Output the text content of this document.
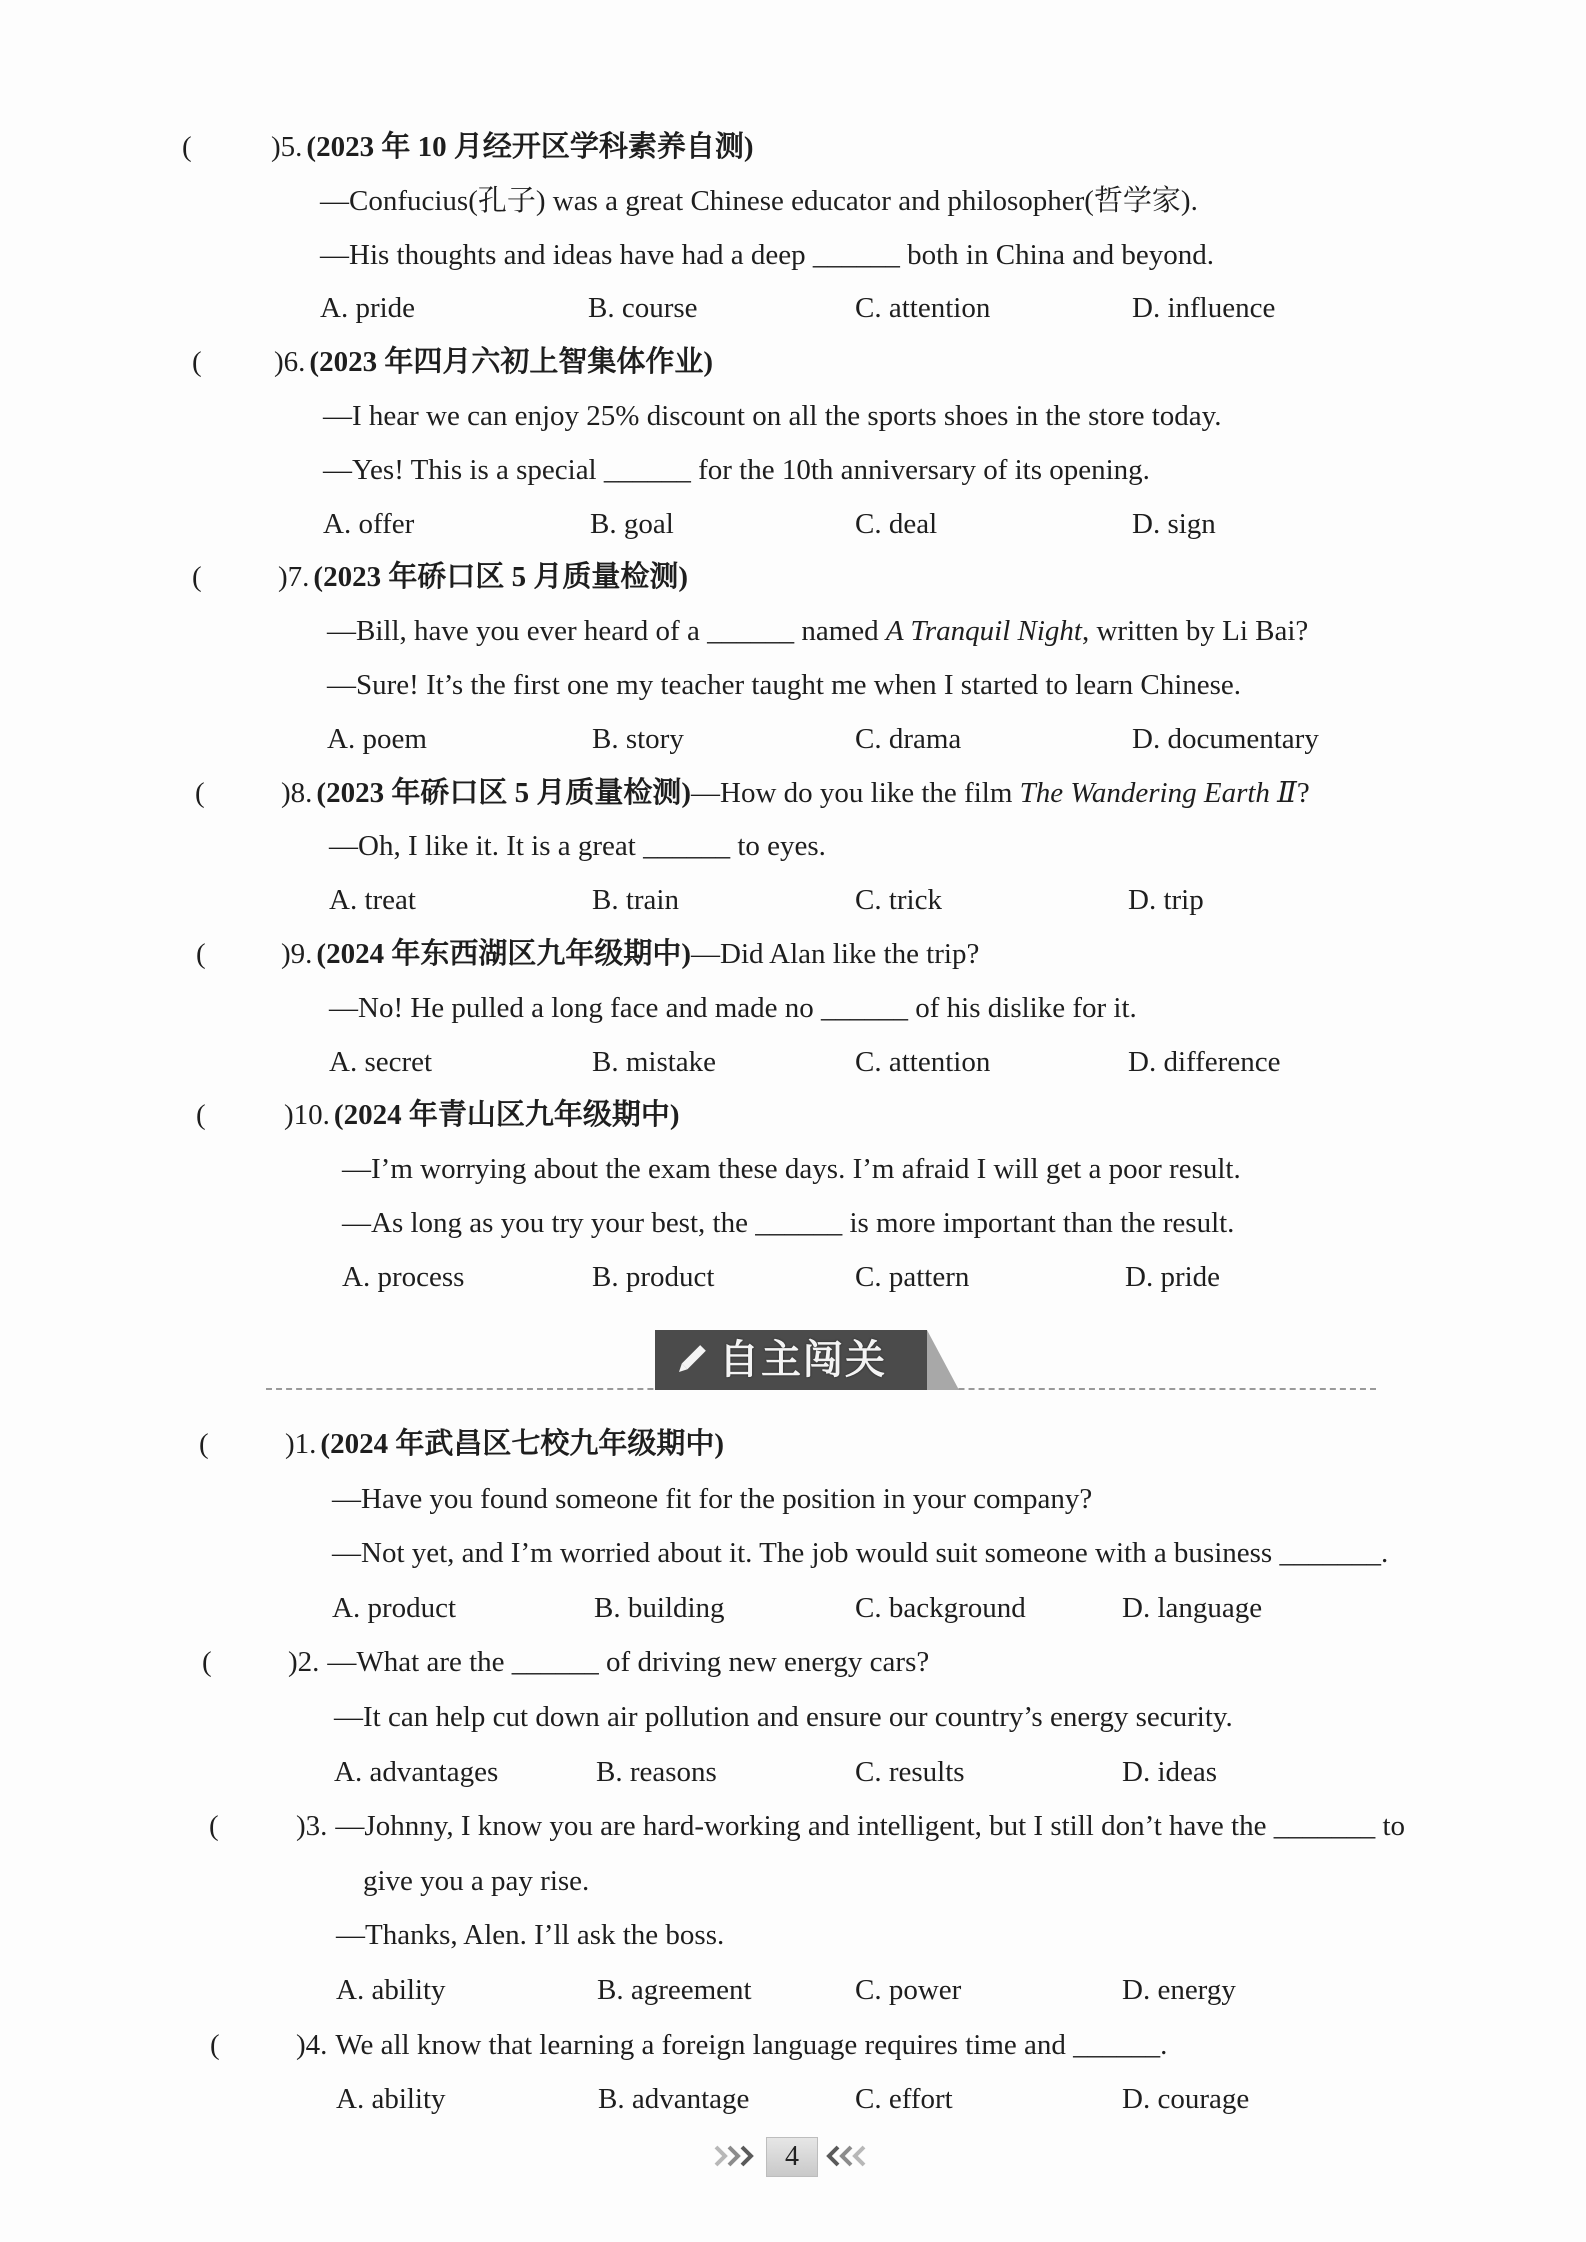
(	)5. (2023 年 10 月经开区学科素养自测)
—Confucius(孔子) was a great Chinese educator and philosopher(哲学家).
—His thoughts and ideas have had a deep ______ both in China and beyond.
A. pride	B. course	C. attention	D. influence
( )6. (2023 年四月六初上智集体作业)
—I hear we can enjoy 25% discount on all the sports shoes in the store today.
—Yes! This is a special ______ for the 10th anniversary of its opening.
A. offer	B. goal	C. deal	D. sign
(	)7. (2023 年硚口区 5 月质量检测)
—Bill, have you ever heard of a ______ named A Tranquil Night, written by Li Bai?
—Sure! It’s the first one my teacher taught me when I started to learn Chinese.
A. poem	B. story	C. drama	D. documentary
(	)8. (2023 年硚口区 5 月质量检测)—How do you like the film The Wandering Earth Ⅱ?
—Oh, I like it. It is a great ______ to eyes.
A. treat	B. train	C. trick	D. trip
(	)9. (2024 年东西湖区九年级期中)—Did Alan like the trip?
—No! He pulled a long face and made no ______ of his dislike for it.
A. secret	B. mistake	C. attention	D. difference
(	)10. (2024 年青山区九年级期中)
—I’m worrying about the exam these days. I’m afraid I will get a poor result.
—As long as you try your best, the ______ is more important than the result.
A. process	B. product	C. pattern	D. pride
自主闯关
(	)1. (2024 年武昌区七校九年级期中)
—Have you found someone fit for the position in your company?
—Not yet, and I’m worried about it. The job would suit someone with a business _______.
A. product	B. building	C. background	D. language
(	)2. —What are the ______ of driving new energy cars?
—It can help cut down air pollution and ensure our country’s energy security.
A. advantages	B. reasons	C. results	D. ideas
(	)3. —Johnny, I know you are hard-working and intelligent, but I still don’t have the _______ to
give you a pay rise.
—Thanks, Alen. I’ll ask the boss.
A. ability	B. agreement	C. power	D. energy
(	)4. We all know that learning a foreign language requires time and ______.
A. ability	B. advantage	C. effort	D. courage
4
